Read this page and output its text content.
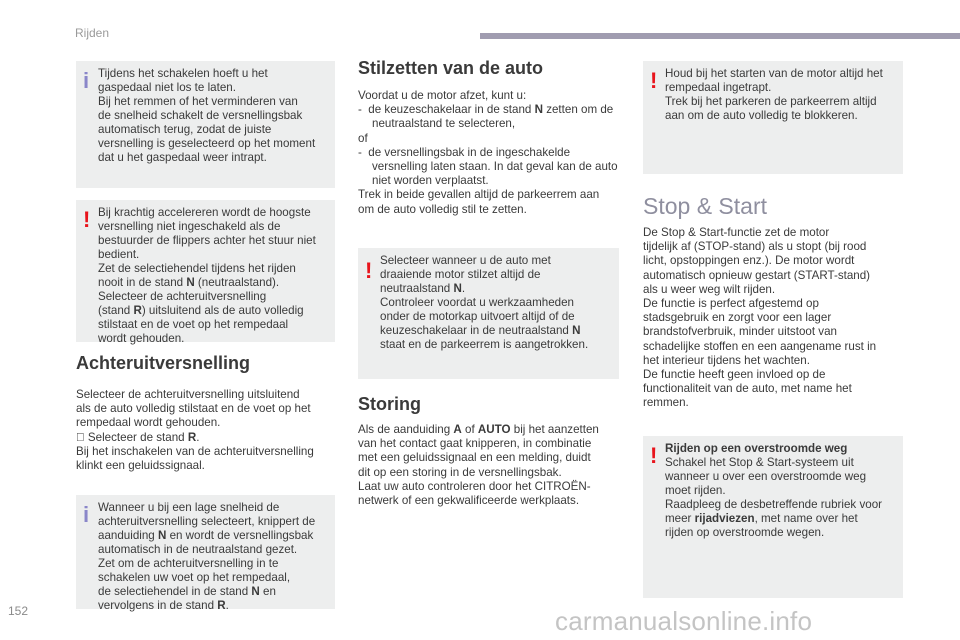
Rijden
i Tijdens het schakelen hoeft u het

gaspedaal niet los te laten.

Bij het remmen of het verminderen van

de snelheid schakelt de versnellingsbak

automatisch terug, zodat de juiste

versnelling is geselecteerd op het moment

dat u het gaspedaal weer intrapt.

! Bij krachtig accelereren wordt de hoogste

versnelling niet ingeschakeld als de

bestuurder de flippers achter het stuur niet

bedient.

Zet de selectiehendel tijdens het rijden

nooit in de stand N (neutraalstand).

Selecteer de achteruitversnelling

(stand R) uitsluitend als de auto volledig

stilstaat en de voet op het rempedaal

wordt gehouden.

Achteruitversnelling

Selecteer de achteruitversnelling uitsluitend

als de auto volledig stilstaat en de voet op het

rempedaal wordt gehouden.

Selecteer de stand R.

Bij het inschakelen van de achteruitversnelling

klinkt een geluidssignaal.

i Wanneer u bij een lage snelheid de

achteruitversnelling selecteert, knippert de

aanduiding N en wordt de versnellingsbak

automatisch in de neutraalstand gezet.

Zet om de achteruitversnelling in te

schakelen uw voet op het rempedaal,

de selectiehendel in de stand N en

vervolgens in de stand R.

Stilzetten van de auto

Voordat u de motor afzet, kunt u:

-  de keuzeschakelaar in de stand N zetten om de neutraalstand te selecteren,

of

-  de versnellingsbak in de ingeschakelde versnelling laten staan. In dat geval kan de auto niet worden verplaatst.

Trek in beide gevallen altijd de parkeerrem aan

om de auto volledig stil te zetten.

! Selecteer wanneer u de auto met

draaiende motor stilzet altijd de

neutraalstand N.

Controleer voordat u werkzaamheden

onder de motorkap uitvoert altijd of de

keuzeschakelaar in de neutraalstand N

staat en de parkeerrem is aangetrokken.

Storing

Als de aanduiding A of AUTO bij het aanzetten

van het contact gaat knipperen, in combinatie

met een geluidssignaal en een melding, duidt

dit op een storing in de versnellingsbak.

Laat uw auto controleren door het CITROËN-

netwerk of een gekwalificeerde werkplaats.

! Houd bij het starten van de motor altijd het

rempedaal ingetrapt.

Trek bij het parkeren de parkeerrem altijd

aan om de auto volledig te blokkeren.

Stop & Start

De Stop & Start-functie zet de motor

tijdelijk af (STOP-stand) als u stopt (bij rood

licht, opstoppingen enz.). De motor wordt

automatisch opnieuw gestart (START-stand)

als u weer weg wilt rijden.

De functie is perfect afgestemd op

stadsgebruik en zorgt voor een lager

brandstofverbruik, minder uitstoot van

schadelijke stoffen en een aangename rust in

het interieur tijdens het wachten.

De functie heeft geen invloed op de

functionaliteit van de auto, met name het

remmen.

! Rijden op een overstroomde weg

Schakel het Stop & Start-systeem uit

wanneer u over een overstroomde weg

moet rijden.

Raadpleeg de desbetreffende rubriek voor

meer rijadviezen, met name over het

rijden op overstroomde wegen.

152	carmanualsonline.info
